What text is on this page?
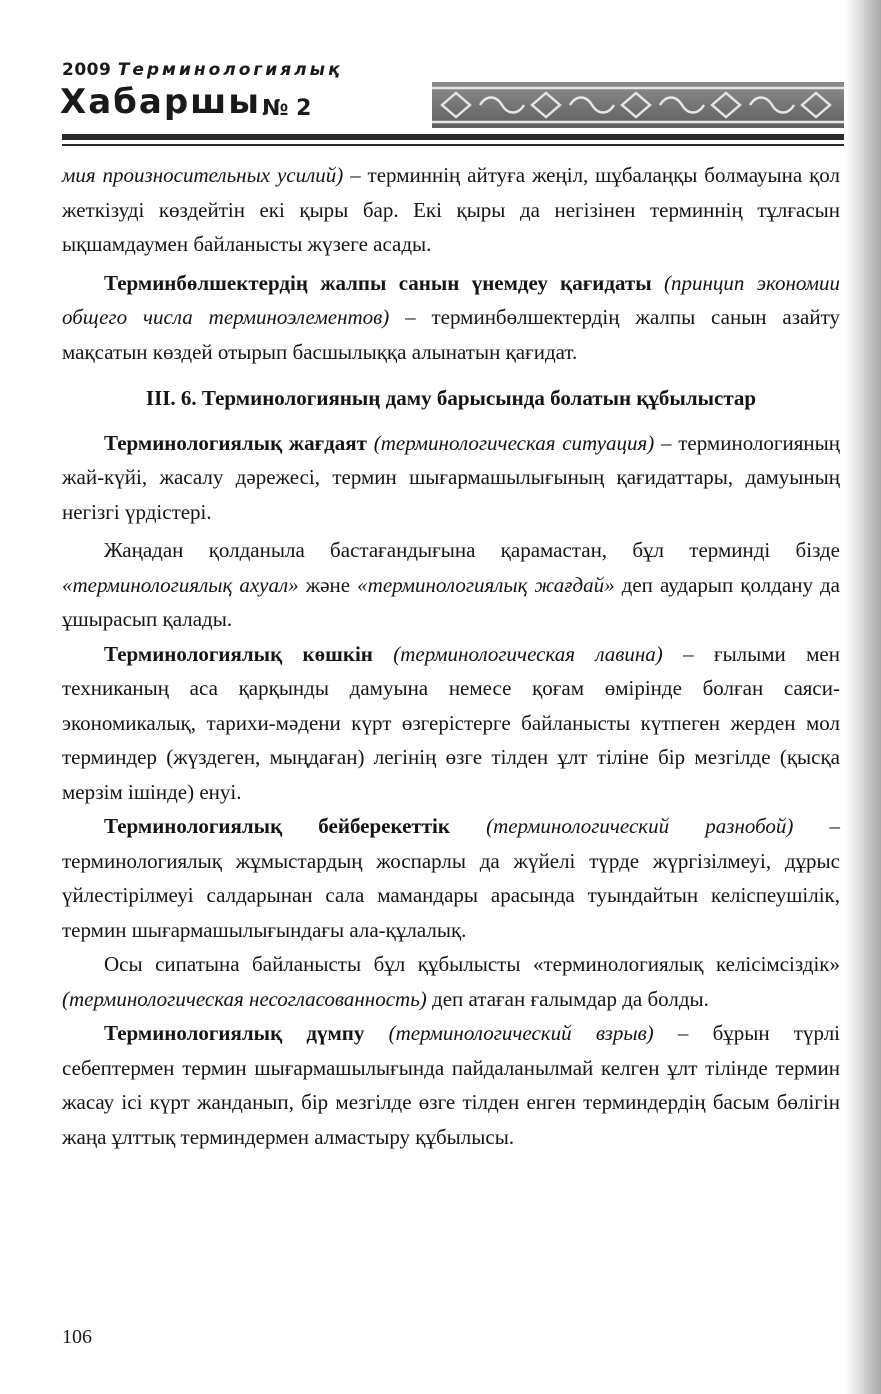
2009 Терминологиялық
Хабаршы № 2

мия произносительных усилий) – терминнің айтуға жеңіл, шұбалаңқы болмауына қол жеткізуді көздейтін екі қыры бар. Екі қыры да негізінен терминнің тұлғасын ықшамдаумен байланысты жүзеге асады.

Терминбөлшектердің жалпы санын үнемдеу қағидаты (принцип экономии общего числа терминоэлементов) – терминбөлшектердің жалпы санын азайту мақсатын көздей отырып басшылыққа алынатын қағидат.

ІІІ. 6. Терминологияның даму барысында болатын құбылыстар

Терминологиялық жағдаят (терминологическая ситуация) – терминологияның жай-күйі, жасалу дәрежесі, термин шығармашылығының қағидаттары, дамуының негізгі үрдістері.

Жаңадан қолданыла бастағандығына қарамастан, бұл терминді бізде «терминологиялық ахуал» және «терминологиялық жағдай» деп аударып қолдану да ұшырасып қалады.

Терминологиялық көшкін (терминологическая лавина) – ғылыми мен техниканың аса қарқынды дамуына немесе қоғам өмірінде болған саяси-экономикалық, тарихи-мәдени күрт өзгерістерге байланысты күтпеген жерден мол терминдер (жүздеген, мыңдаған) легінің өзге тілден ұлт тіліне бір мезгілде (қысқа мерзім ішінде) енуі.

Терминологиялық бейберекеттік (терминологический разнобой) – терминологиялық жұмыстардың жоспарлы да жүйелі түрде жүргізілмеуі, дұрыс үйлестірілмеуі салдарынан сала мамандары арасында туындайтын келіспеушілік, термин шығармашылығындағы ала-құлалық.

Осы сипатына байланысты бұл құбылысты «терминологиялық келісімсіздік» (терминологическая несогласованность) деп атаған ғалымдар да болды.

Терминологиялық дүмпу (терминологический взрыв) – бұрын түрлі себептермен термин шығармашылығында пайдаланылмай келген ұлт тілінде термин жасау ісі күрт жанданып, бір мезгілде өзге тілден енген терминдердің басым бөлігін жаңа ұлттық терминдермен алмастыру құбылысы.

106
